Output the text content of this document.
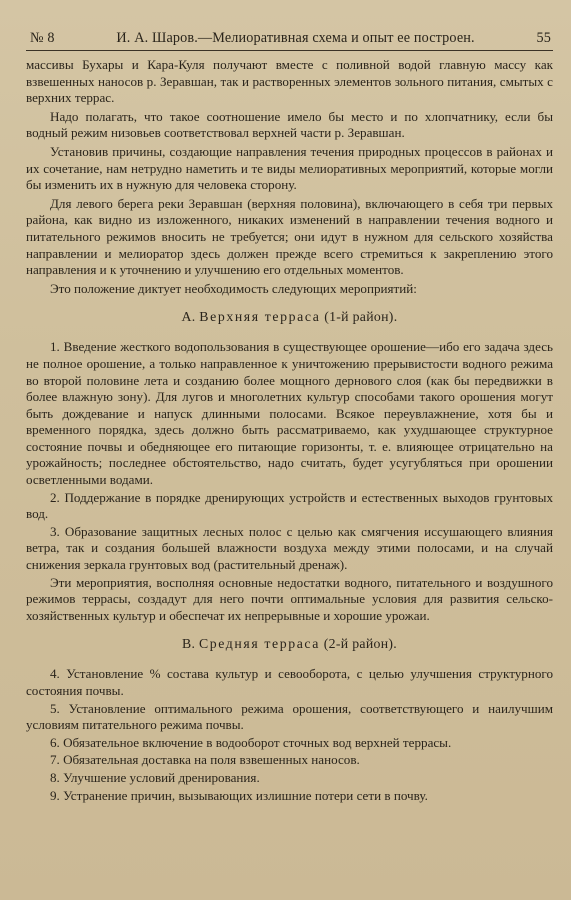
№ 8	И. А. Шаров.—Мелиоративная схема и опыт ее построен.	55

массивы Бухары и Кара-Куля получают вместе с поливной водой главную массу как взвешенных наносов р. Зеравшан, так и растворенных элементов зольного питания, смытых с верхних террас.

Надо полагать, что такое соотношение имело бы место и по хлопчатнику, если бы водный режим низовьев соответствовал верхней части р. Зеравшан.

Установив причины, создающие направления течения природных процессов в районах и их сочетание, нам нетрудно наметить и те виды мелиоративных мероприятий, которые могли бы изменить их в нужную для человека сторону.

Для левого берега реки Зеравшан (верхняя половина), включающего в себя три первых района, как видно из изложенного, никаких изменений в направлении течения водного и питательного режимов вносить не требуется; они идут в нужном для сельского хозяйства направлении и мелиоратор здесь должен прежде всего стремиться к закреплению этого направления и к уточнению и улучшению его отдельных моментов.

Это положение диктует необходимость следующих мероприятий:

А. Верхняя терраса (1-й район).

1. Введение жесткого водопользования в существующее орошение—ибо его задача здесь не полное орошение, а только направленное к уничтожению прерывистости водного режима во второй половине лета и созданию более мощного дернового слоя (как бы передвижки в более влажную зону). Для лугов и многолетних культур способами такого орошения могут быть дождевание и напуск длинными полосами. Всякое переувлажнение, хотя бы и временного порядка, здесь должно быть рассматриваемо, как ухудшающее структурное состояние почвы и обедняющее его питающие горизонты, т. е. влияющее отрицательно на урожайность; последнее обстоятельство, надо считать, будет усугубляться при орошении осветленными водами.

2. Поддержание в порядке дренирующих устройств и естественных выходов грунтовых вод.

3. Образование защитных лесных полос с целью как смягчения иссушающего влияния ветра, так и создания большей влажности воздуха между этими полосами, и на случай снижения зеркала грунтовых вод (растительный дренаж).

Эти мероприятия, восполняя основные недостатки водного, питательного и воздушного режимов террасы, создадут для него почти оптимальные условия для развития сельско-хозяйственных культур и обеспечат их непрерывные и хорошие урожаи.

В. Средняя терраса (2-й район).

4. Установление % состава культур и севооборота, с целью улучшения структурного состояния почвы.

5. Установление оптимального режима орошения, соответствующего и наилучшим условиям питательного режима почвы.

6. Обязательное включение в водооборот сточных вод верхней террасы.

7. Обязательная доставка на поля взвешенных наносов.

8. Улучшение условий дренирования.

9. Устранение причин, вызывающих излишние потери сети в почву.
